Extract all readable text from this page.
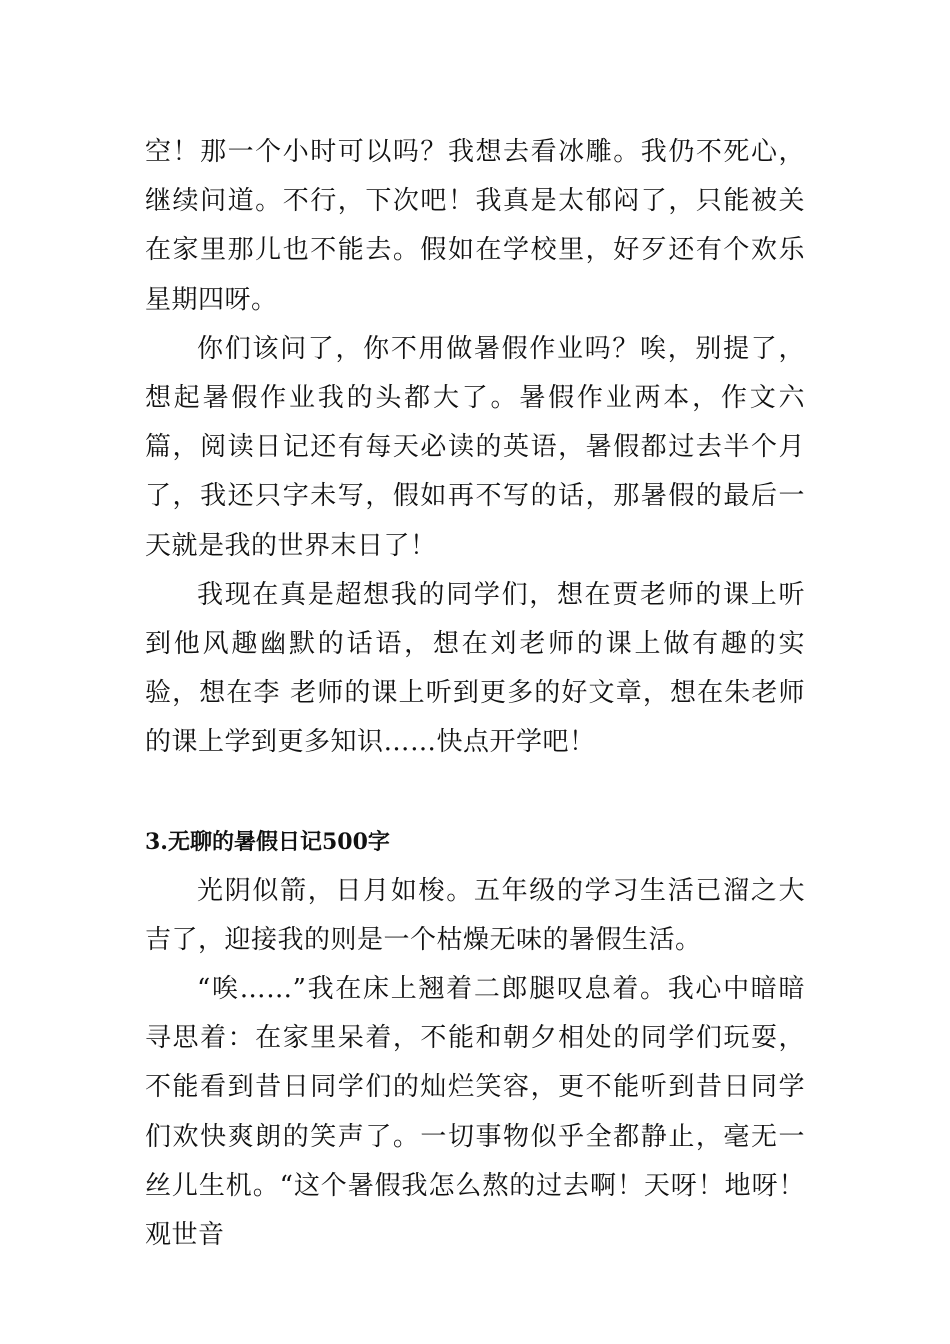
空！那一个小时可以吗？我想去看冰雕。我仍不死心，继续问道。不行，下次吧！我真是太郁闷了，只能被关在家里那儿也不能去。假如在学校里，好歹还有个欢乐星期四呀。

你们该问了，你不用做暑假作业吗？唉，别提了，想起暑假作业我的头都大了。暑假作业两本，作文六篇，阅读日记还有每天必读的英语，暑假都过去半个月了，我还只字未写，假如再不写的话，那暑假的最后一天就是我的世界末日了！

我现在真是超想我的同学们，想在贾老师的课上听到他风趣幽默的话语，想在刘老师的课上做有趣的实验，想在李 老师的课上听到更多的好文章，想在朱老师的课上学到更多知识……快点开学吧！

3.无聊的暑假日记500字

光阴似箭，日月如梭。五年级的学习生活已溜之大吉了，迎接我的则是一个枯燥无味的暑假生活。

“唉……”我在床上翘着二郎腿叹息着。我心中暗暗寻思着：在家里呆着，不能和朝夕相处的同学们玩耍，不能看到昔日同学们的灿烂笑容，更不能听到昔日同学们欢快爽朗的笑声了。一切事物似乎全都静止，毫无一丝儿生机。“这个暑假我怎么熬的过去啊！天呀！地呀！观世音
